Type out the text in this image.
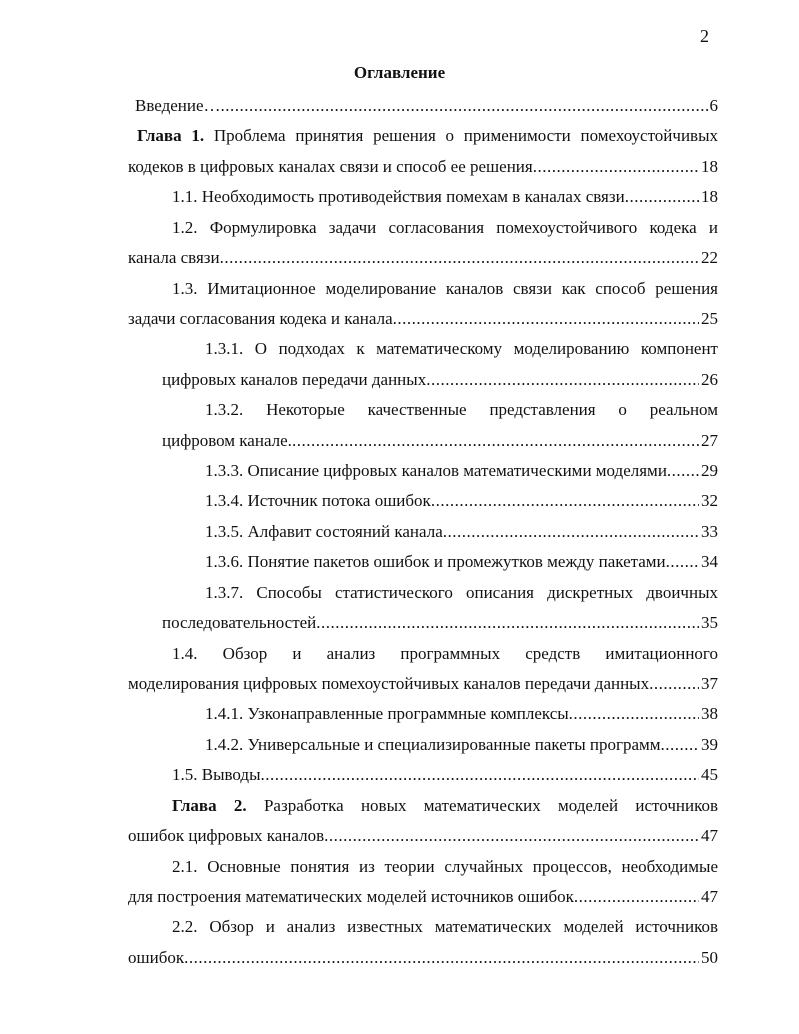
2
Оглавление
Введение… .....	6
Глава 1. Проблема принятия решения о применимости помехоустойчивых
кодеков в цифровых каналах связи и способ ее решения .....	18
1.1. Необходимость противодействия помехам в каналах связи .....	18
1.2. Формулировка задачи согласования помехоустойчивого кодека и
канала связи .....	22
1.3. Имитационное моделирование каналов связи как способ решения
задачи согласования кодека и канала .....	25
1.3.1. О подходах к математическому моделированию компонент
цифровых каналов передачи данных .....	26
1.3.2. Некоторые качественные представления о реальном
цифровом канале. .....	27
1.3.3. Описание цифровых каналов математическими моделями ..... 29
1.3.4. Источник потока ошибок .....	32
1.3.5. Алфавит состояний канала .....	33
1.3.6. Понятие пакетов ошибок и промежутков между пакетами ..... 34
1.3.7. Способы статистического описания дискретных двоичных
последовательностей .....	35
1.4. Обзор и анализ программных средств имитационного
моделирования цифровых помехоустойчивых каналов передачи данных .....	37
1.4.1. Узконаправленные программные комплексы .....	38
1.4.2. Универсальные и специализированные пакеты программ ..... 39
1.5. Выводы .....	45
Глава 2. Разработка новых математических моделей источников
ошибок цифровых каналов .....	47
2.1. Основные понятия из теории случайных процессов, необходимые
для построения математических моделей источников ошибок .....	47
2.2. Обзор и анализ известных математических моделей источников
ошибок .....	50
